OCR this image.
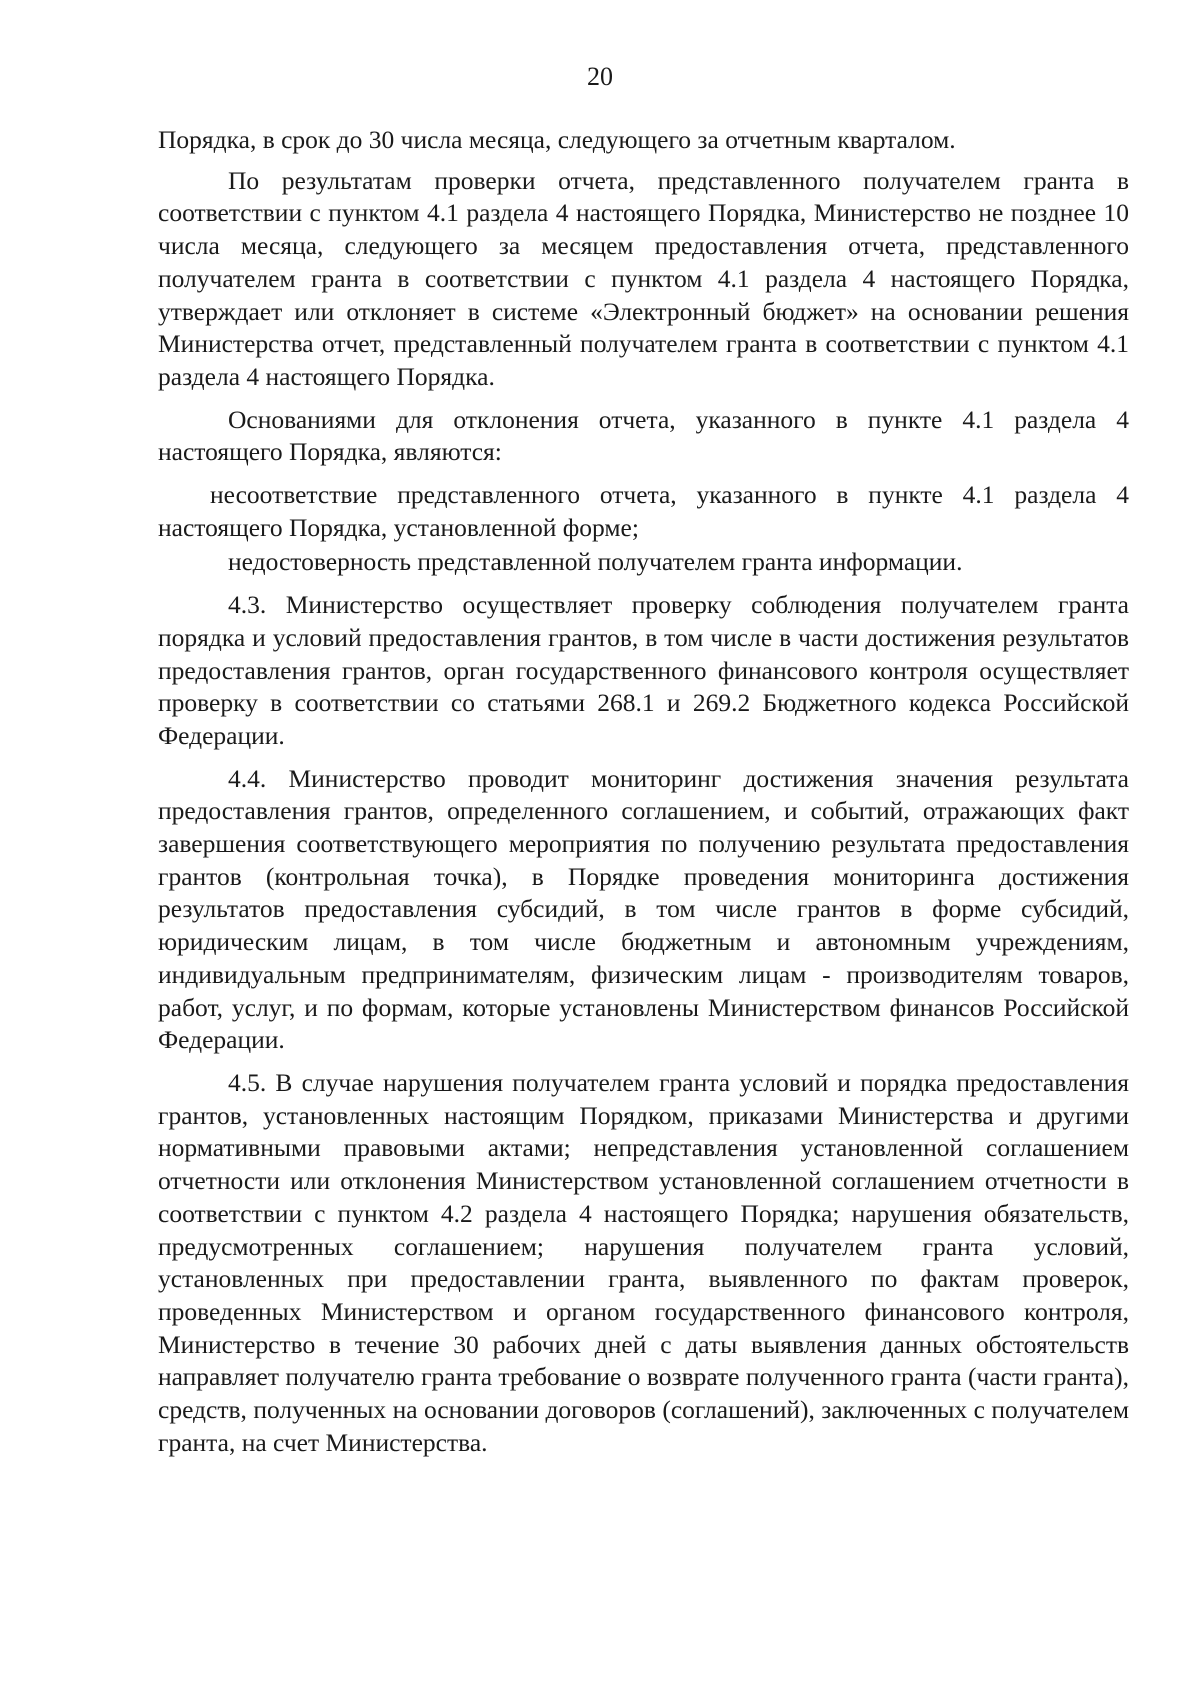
20

Порядка, в срок до 30 числа месяца, следующего за отчетным кварталом.

По результатам проверки отчета, представленного получателем гранта в соответствии с пунктом 4.1 раздела 4 настоящего Порядка, Министерство не позднее 10 числа месяца, следующего за месяцем предоставления отчета, представленного получателем гранта в соответствии с пунктом 4.1 раздела 4 настоящего Порядка, утверждает или отклоняет в системе «Электронный бюджет» на основании решения Министерства отчет, представленный получателем гранта в соответствии с пунктом 4.1 раздела 4 настоящего Порядка.

Основаниями для отклонения отчета, указанного в пункте 4.1 раздела 4 настоящего Порядка, являются:

несоответствие представленного отчета, указанного в пункте 4.1 раздела 4 настоящего Порядка, установленной форме;

недостоверность представленной получателем гранта информации.

4.3. Министерство осуществляет проверку соблюдения получателем гранта порядка и условий предоставления грантов, в том числе в части достижения результатов предоставления грантов, орган государственного финансового контроля осуществляет проверку в соответствии со статьями 268.1 и 269.2 Бюджетного кодекса Российской Федерации.

4.4. Министерство проводит мониторинг достижения значения результата предоставления грантов, определенного соглашением, и событий, отражающих факт завершения соответствующего мероприятия по получению результата предоставления грантов (контрольная точка), в Порядке проведения мониторинга достижения результатов предоставления субсидий, в том числе грантов в форме субсидий, юридическим лицам, в том числе бюджетным и автономным учреждениям, индивидуальным предпринимателям, физическим лицам - производителям товаров, работ, услуг, и по формам, которые установлены Министерством финансов Российской Федерации.

4.5. В случае нарушения получателем гранта условий и порядка предоставления грантов, установленных настоящим Порядком, приказами Министерства и другими нормативными правовыми актами; непредставления установленной соглашением отчетности или отклонения Министерством установленной соглашением отчетности в соответствии с пунктом 4.2 раздела 4 настоящего Порядка; нарушения обязательств, предусмотренных соглашением; нарушения получателем гранта условий, установленных при предоставлении гранта, выявленного по фактам проверок, проведенных Министерством и органом государственного финансового контроля, Министерство в течение 30 рабочих дней с даты выявления данных обстоятельств направляет получателю гранта требование о возврате полученного гранта (части гранта), средств, полученных на основании договоров (соглашений), заключенных с получателем гранта, на счет Министерства.
